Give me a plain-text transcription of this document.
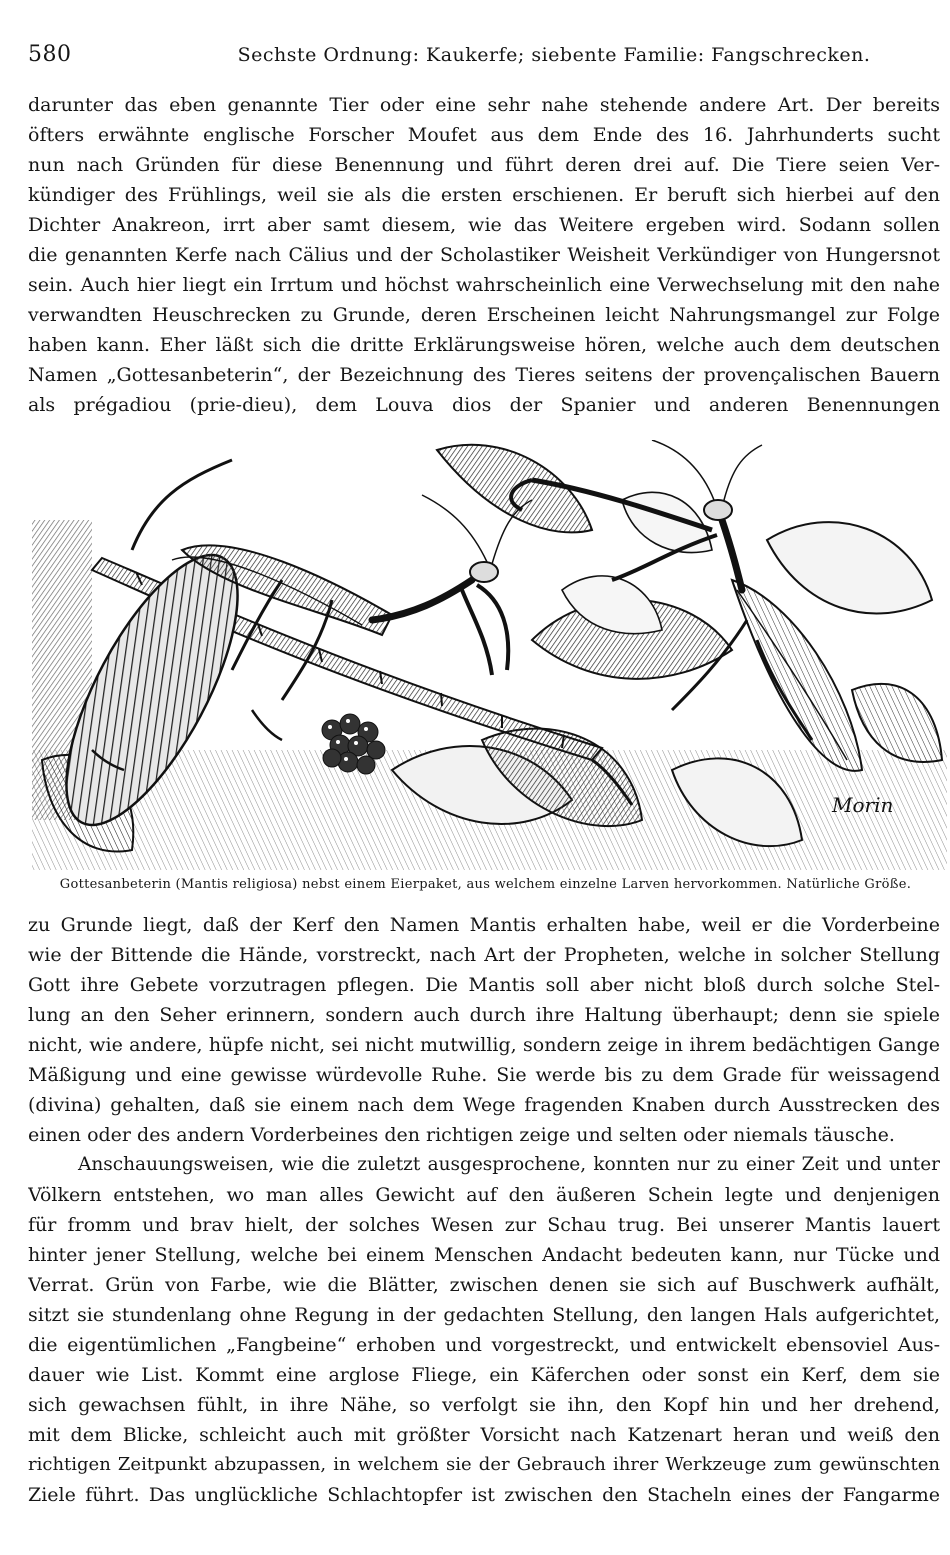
580	Sechste Ordnung: Kaukerfe; siebente Familie: Fangschrecken.
darunter das eben genannte Tier oder eine sehr nahe stehende andere Art. Der bereits
öfters erwähnte englische Forscher Moufet aus dem Ende des 16. Jahrhunderts sucht
nun nach Gründen für diese Benennung und führt deren drei auf. Die Tiere seien Ver-
kündiger des Frühlings, weil sie als die ersten erschienen. Er beruft sich hierbei auf den
Dichter Anakreon, irrt aber samt diesem, wie das Weitere ergeben wird. Sodann sollen
die genannten Kerfe nach Cälius und der Scholastiker Weisheit Verkündiger von Hungersnot
sein. Auch hier liegt ein Irrtum und höchst wahrscheinlich eine Verwechselung mit den nahe
verwandten Heuschrecken zu Grunde, deren Erscheinen leicht Nahrungsmangel zur Folge
haben kann. Eher läßt sich die dritte Erklärungsweise hören, welche auch dem deutschen
Namen „Gottesanbeterin“, der Bezeichnung des Tieres seitens der provençalischen Bauern
als prégadiou (prie-dieu), dem Louva dios der Spanier und anderen Benennungen
Morin
Gottesanbeterin (Mantis religiosa) nebst einem Eierpaket, aus welchem einzelne Larven hervorkommen. Natürliche Größe.
zu Grunde liegt, daß der Kerf den Namen Mantis erhalten habe, weil er die Vorderbeine
wie der Bittende die Hände, vorstreckt, nach Art der Propheten, welche in solcher Stellung
Gott ihre Gebete vorzutragen pflegen. Die Mantis soll aber nicht bloß durch solche Stel-
lung an den Seher erinnern, sondern auch durch ihre Haltung überhaupt; denn sie spiele
nicht, wie andere, hüpfe nicht, sei nicht mutwillig, sondern zeige in ihrem bedächtigen Gange
Mäßigung und eine gewisse würdevolle Ruhe. Sie werde bis zu dem Grade für weissagend
(divina) gehalten, daß sie einem nach dem Wege fragenden Knaben durch Ausstrecken des
einen oder des andern Vorderbeines den richtigen zeige und selten oder niemals täusche.
Anschauungsweisen, wie die zuletzt ausgesprochene, konnten nur zu einer Zeit und unter
Völkern entstehen, wo man alles Gewicht auf den äußeren Schein legte und denjenigen
für fromm und brav hielt, der solches Wesen zur Schau trug. Bei unserer Mantis lauert
hinter jener Stellung, welche bei einem Menschen Andacht bedeuten kann, nur Tücke und
Verrat. Grün von Farbe, wie die Blätter, zwischen denen sie sich auf Buschwerk aufhält,
sitzt sie stundenlang ohne Regung in der gedachten Stellung, den langen Hals aufgerichtet,
die eigentümlichen „Fangbeine“ erhoben und vorgestreckt, und entwickelt ebensoviel Aus-
dauer wie List. Kommt eine arglose Fliege, ein Käferchen oder sonst ein Kerf, dem sie
sich gewachsen fühlt, in ihre Nähe, so verfolgt sie ihn, den Kopf hin und her drehend,
mit dem Blicke, schleicht auch mit größter Vorsicht nach Katzenart heran und weiß den
richtigen Zeitpunkt abzupassen, in welchem sie der Gebrauch ihrer Werkzeuge zum gewünschten
Ziele führt. Das unglückliche Schlachtopfer ist zwischen den Stacheln eines der Fangarme
